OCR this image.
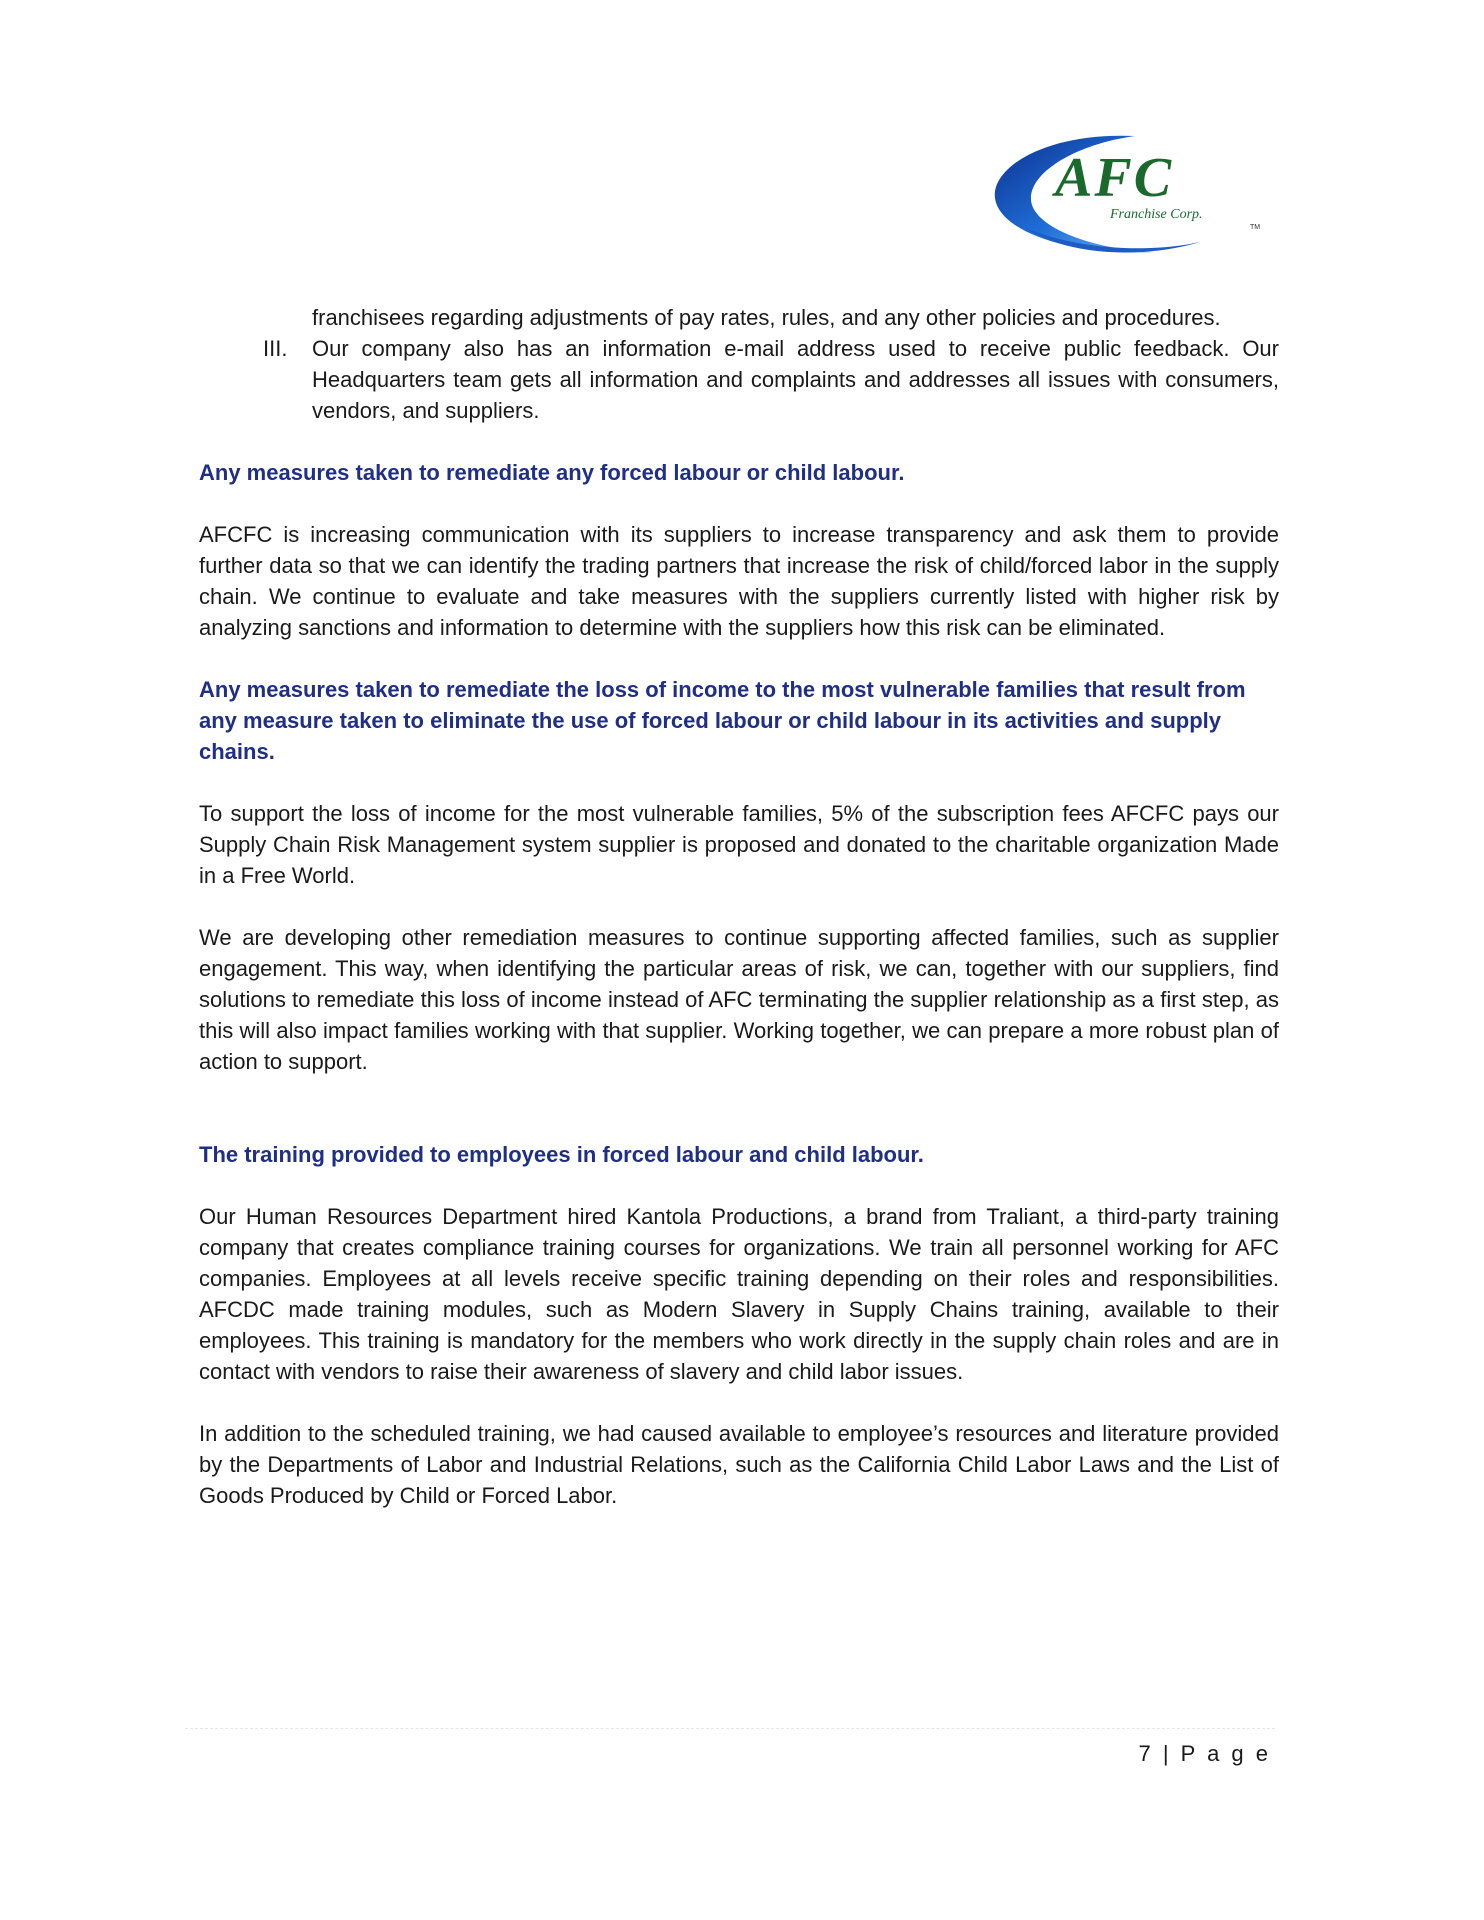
AFC
Franchise Corp.
TM

franchisees regarding adjustments of pay rates, rules, and any other policies and procedures.

III.	Our company also has an information e-mail address used to receive public feedback. Our Headquarters team gets all information and complaints and addresses all issues with consumers, vendors, and suppliers.
Any measures taken to remediate any forced labour or child labour.

AFCFC is increasing communication with its suppliers to increase transparency and ask them to provide further data so that we can identify the trading partners that increase the risk of child/forced labor in the supply chain. We continue to evaluate and take measures with the suppliers currently listed with higher risk by analyzing sanctions and information to determine with the suppliers how this risk can be eliminated.

Any measures taken to remediate the loss of income to the most vulnerable families that result from any measure taken to eliminate the use of forced labour or child labour in its activities and supply chains.

To support the loss of income for the most vulnerable families, 5% of the subscription fees AFCFC pays our Supply Chain Risk Management system supplier is proposed and donated to the charitable organization Made in a Free World.

We are developing other remediation measures to continue supporting affected families, such as supplier engagement. This way, when identifying the particular areas of risk, we can, together with our suppliers, find solutions to remediate this loss of income instead of AFC terminating the supplier relationship as a first step, as this will also impact families working with that supplier. Working together, we can prepare a more robust plan of action to support.

The training provided to employees in forced labour and child labour.

Our Human Resources Department hired Kantola Productions, a brand from Traliant, a third-party training company that creates compliance training courses for organizations. We train all personnel working for AFC companies. Employees at all levels receive specific training depending on their roles and responsibilities. AFCDC made training modules, such as Modern Slavery in Supply Chains training, available to their employees. This training is mandatory for the members who work directly in the supply chain roles and are in contact with vendors to raise their awareness of slavery and child labor issues.

In addition to the scheduled training, we had caused available to employee’s resources and literature provided by the Departments of Labor and Industrial Relations, such as the California Child Labor Laws and the List of Goods Produced by Child or Forced Labor.

7 | P a g e
